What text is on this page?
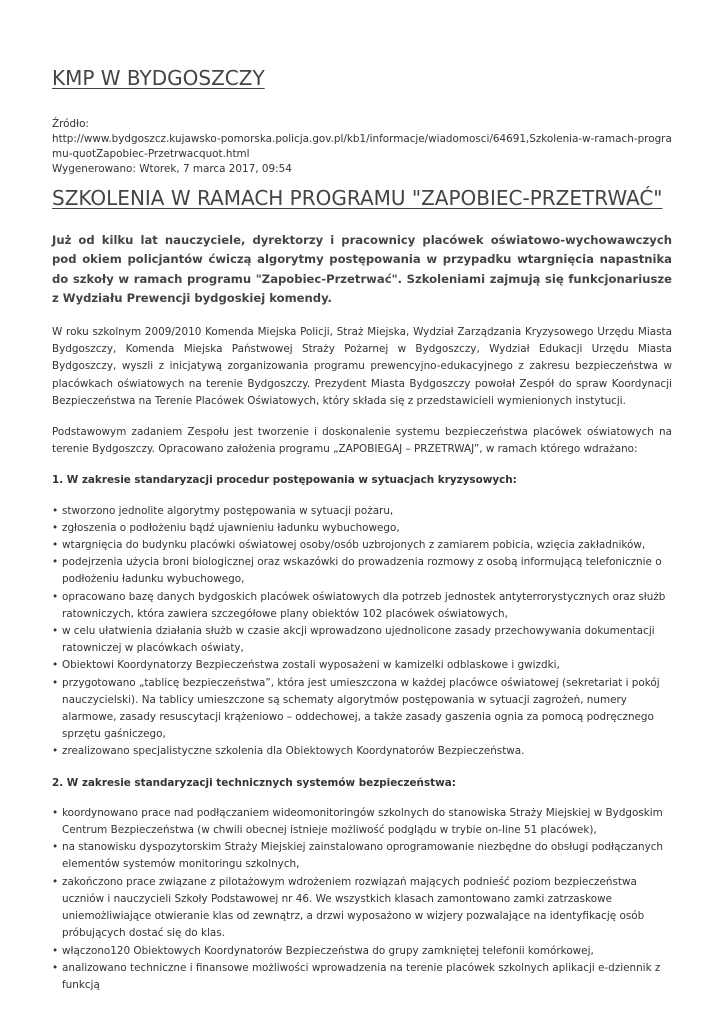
KMP W BYDGOSZCZY
Źródło:
http://www.bydgoszcz.kujawsko-pomorska.policja.gov.pl/kb1/informacje/wiadomosci/64691,Szkolenia-w-ramach-programu-quotZapobiec-Przetrwacquot.html
Wygenerowano: Wtorek, 7 marca 2017, 09:54
SZKOLENIA W RAMACH PROGRAMU "ZAPOBIEC-PRZETRWAĆ"

Już od kilku lat nauczyciele, dyrektorzy i pracownicy placówek oświatowo-wychowawczych pod okiem policjantów ćwiczą algorytmy postępowania w przypadku wtargnięcia napastnika do szkoły w ramach programu "Zapobiec-Przetrwać". Szkoleniami zajmują się funkcjonariusze z Wydziału Prewencji bydgoskiej komendy.

W roku szkolnym 2009/2010 Komenda Miejska Policji, Straż Miejska, Wydział Zarządzania Kryzysowego Urzędu Miasta Bydgoszczy, Komenda Miejska Państwowej Straży Pożarnej w Bydgoszczy, Wydział Edukacji Urzędu Miasta Bydgoszczy, wyszli z inicjatywą zorganizowania programu prewencyjno-edukacyjnego z zakresu bezpieczeństwa w placówkach oświatowych na terenie Bydgoszczy. Prezydent Miasta Bydgoszczy powołał Zespół do spraw Koordynacji Bezpieczeństwa na Terenie Placówek Oświatowych, który składa się z przedstawicieli wymienionych instytucji.

Podstawowym zadaniem Zespołu jest tworzenie i doskonalenie systemu bezpieczeństwa placówek oświatowych na terenie Bydgoszczy. Opracowano założenia programu „ZAPOBIEGAJ – PRZETRWAJ”, w ramach którego wdrażano:

1. W zakresie standaryzacji procedur postępowania w sytuacjach kryzysowych:
• stworzono jednolite algorytmy postępowania w sytuacji pożaru,
• zgłoszenia o podłożeniu bądź ujawnieniu ładunku wybuchowego,
• wtargnięcia do budynku placówki oświatowej osoby/osób uzbrojonych z zamiarem pobicia, wzięcia zakładników,
• podejrzenia użycia broni biologicznej oraz wskazówki do prowadzenia rozmowy z osobą informującą telefonicznie o podłożeniu ładunku wybuchowego,
• opracowano bazę danych bydgoskich placówek oświatowych dla potrzeb jednostek antyterrorystycznych oraz służb ratowniczych, która zawiera szczegółowe plany obiektów 102 placówek oświatowych,
• w celu ułatwienia działania służb w czasie akcji wprowadzono ujednolicone zasady przechowywania dokumentacji ratowniczej w placówkach oświaty,
• Obiektowi Koordynatorzy Bezpieczeństwa zostali wyposażeni w kamizelki odblaskowe i gwizdki,
• przygotowano „tablicę bezpieczeństwa”, która jest umieszczona w każdej placówce oświatowej (sekretariat i pokój nauczycielski). Na tablicy umieszczone są schematy algorytmów postępowania w sytuacji zagrożeń, numery alarmowe, zasady resuscytacji krążeniowo – oddechowej, a także zasady gaszenia ognia za pomocą podręcznego sprzętu gaśniczego,
• zrealizowano specjalistyczne szkolenia dla Obiektowych Koordynatorów Bezpieczeństwa.
2. W zakresie standaryzacji technicznych systemów bezpieczeństwa:
• koordynowano prace nad podłączaniem wideomonitoringów szkolnych do stanowiska Straży Miejskiej w Bydgoskim Centrum Bezpieczeństwa (w chwili obecnej istnieje możliwość podglądu w trybie on-line 51 placówek),
• na stanowisku dyspozytorskim Straży Miejskiej zainstalowano oprogramowanie niezbędne do obsługi podłączanych elementów systemów monitoringu szkolnych,
• zakończono prace związane z pilotażowym wdrożeniem rozwiązań mających podnieść poziom bezpieczeństwa uczniów i nauczycieli Szkoły Podstawowej nr 46. We wszystkich klasach zamontowano zamki zatrzaskowe uniemożliwiające otwieranie klas od zewnątrz, a drzwi wyposażono w wizjery pozwalające na identyfikację osób próbujących dostać się do klas.
• włączono120 Obiektowych Koordynatorów Bezpieczeństwa do grupy zamkniętej telefonii komórkowej,
• analizowano techniczne i finansowe możliwości wprowadzenia na terenie placówek szkolnych aplikacji e-dziennik z funkcją
